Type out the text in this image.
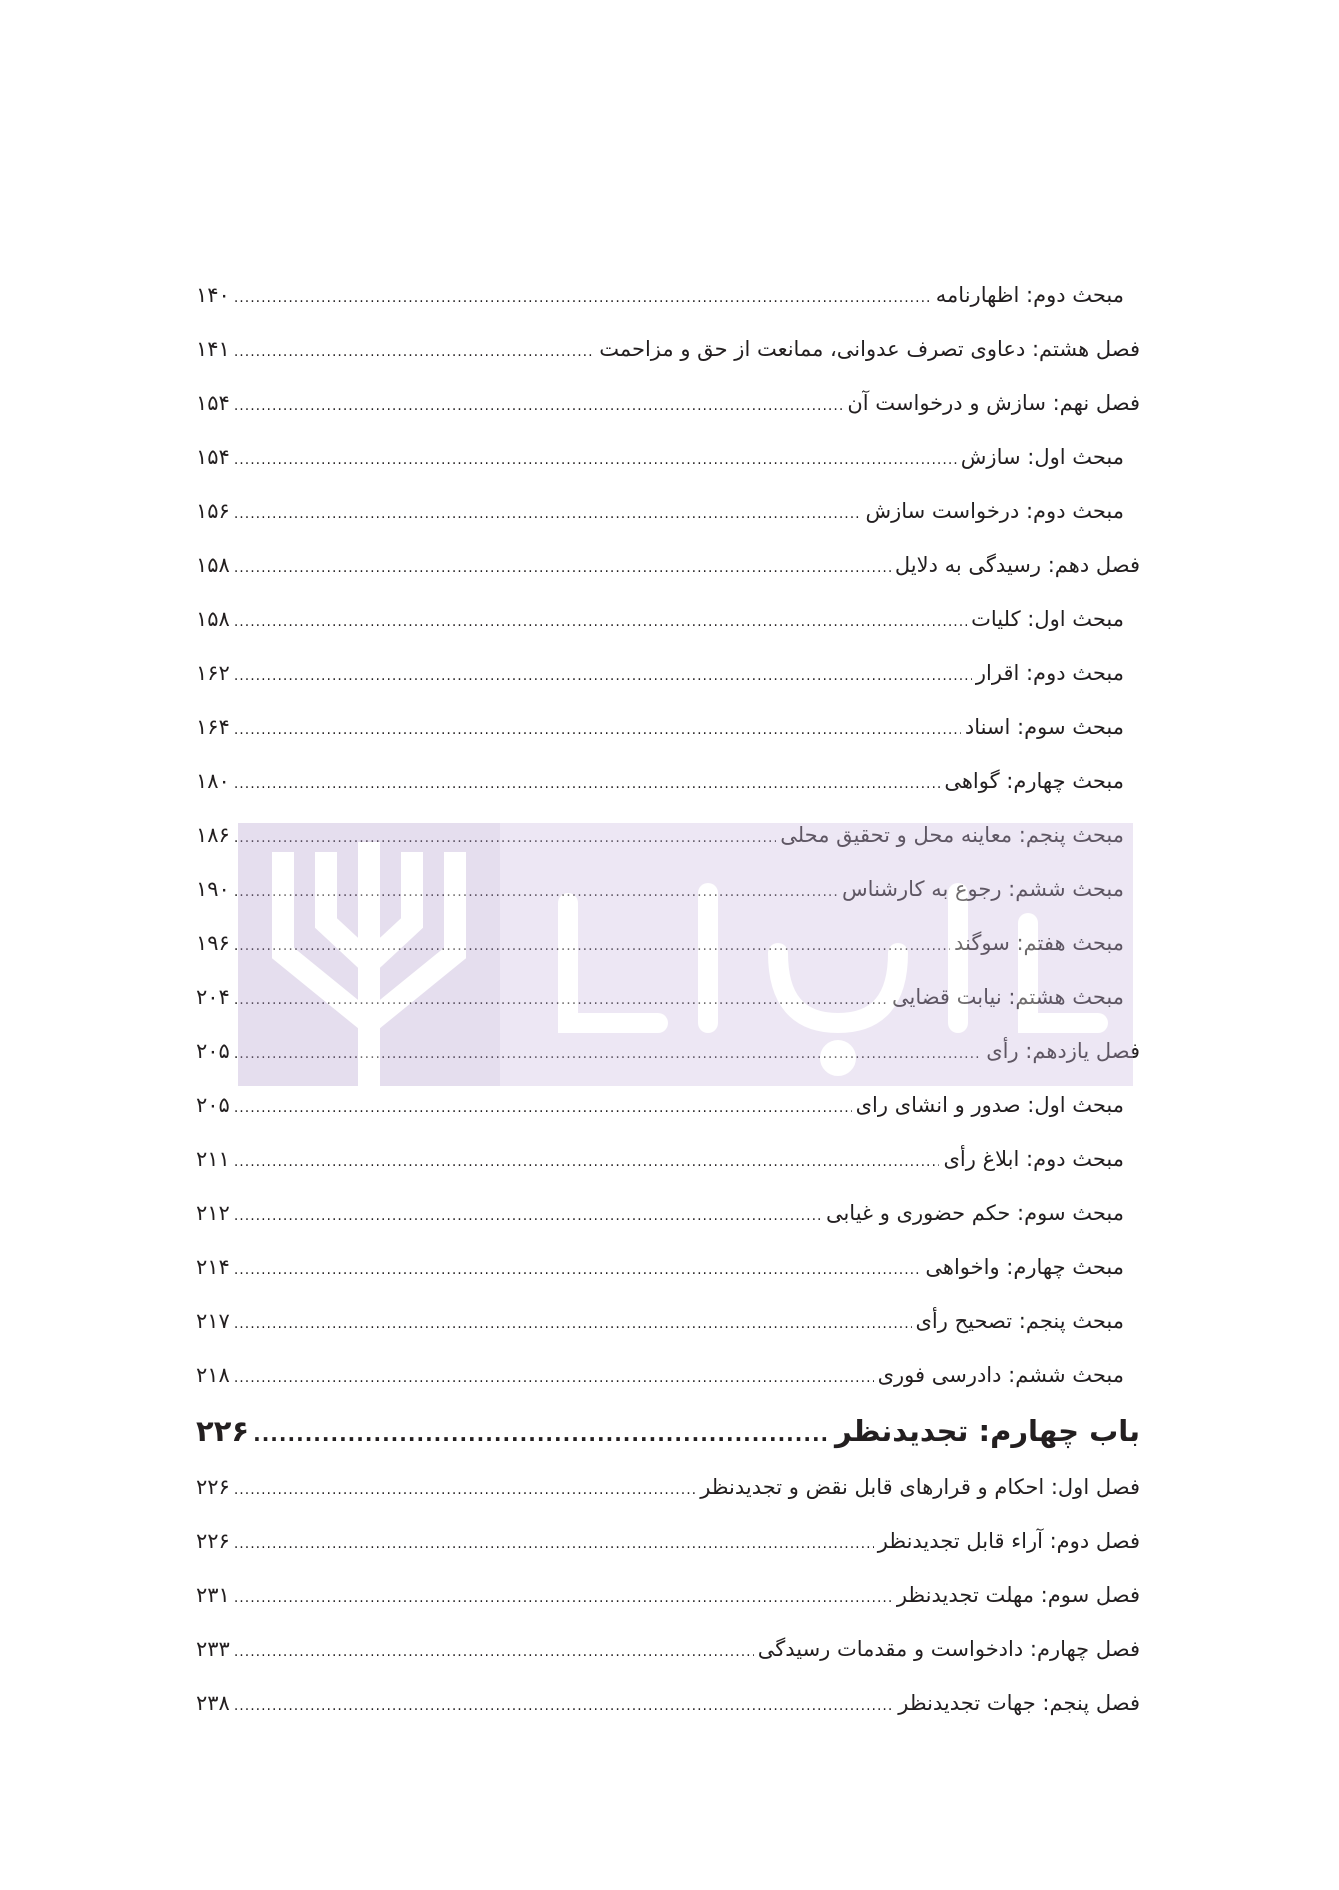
مبحث دوم: اظهارنامه
.....
۱۴۰
فصل هشتم: دعاوی تصرف عدوانی، ممانعت از حق و مزاحمت
.....
۱۴۱
فصل نهم: سازش و درخواست آن
.....
۱۵۴
مبحث اول: سازش
.....
۱۵۴
مبحث دوم: درخواست سازش
.....
۱۵۶
فصل دهم: رسیدگی به دلایل
.....
۱۵۸
مبحث اول: کلیات
.....
۱۵۸
مبحث دوم: اقرار
.....
۱۶۲
مبحث سوم: اسناد
.....
۱۶۴
مبحث چهارم: گواهی
.....
۱۸۰
مبحث پنجم: معاینه محل و تحقیق محلی
.....
۱۸۶
مبحث ششم: رجوع به کارشناس
.....
۱۹۰
مبحث هفتم: سوگند
.....
۱۹۶
مبحث هشتم: نیابت قضایی
.....
۲۰۴
فصل یازدهم: رأی
.....
۲۰۵
مبحث اول: صدور و انشای رای
.....
۲۰۵
مبحث دوم: ابلاغ رأی
.....
۲۱۱
مبحث سوم: حکم حضوری و غیابی
.....
۲۱۲
مبحث چهارم: واخواهی
.....
۲۱۴
مبحث پنجم: تصحیح رأی
.....
۲۱۷
مبحث ششم: دادرسی فوری
.....
۲۱۸
باب چهارم: تجدیدنظر
.....
۲۲۶
فصل اول: احکام و قرارهای قابل نقض و تجدیدنظر
.....
۲۲۶
فصل دوم: آراء قابل تجدیدنظر
.....
۲۲۶
فصل سوم: مهلت تجدیدنظر
.....
۲۳۱
فصل چهارم: دادخواست و مقدمات رسیدگی
.....
۲۳۳
فصل پنجم: جهات تجدیدنظر
.....
۲۳۸
